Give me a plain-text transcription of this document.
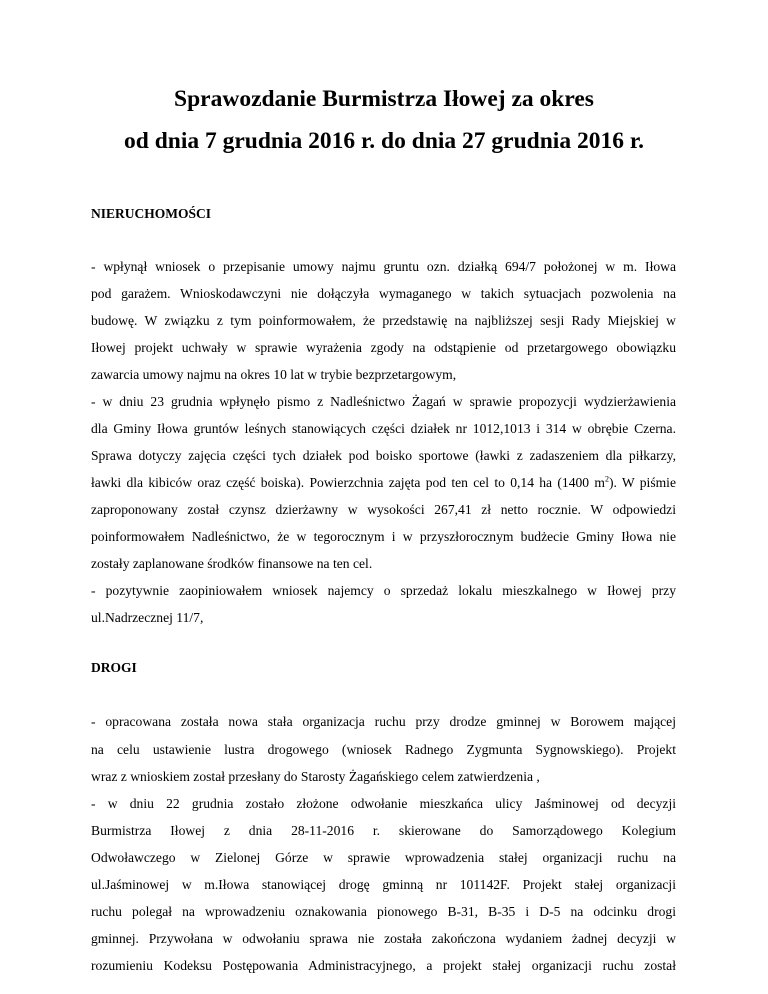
Sprawozdanie Burmistrza Iłowej za okres
od dnia 7 grudnia 2016 r. do dnia 27 grudnia 2016 r.
NIERUCHOMOŚCI
- wpłynął wniosek o przepisanie umowy najmu gruntu ozn. działką 694/7 położonej w m. Iłowa
pod garażem. Wnioskodawczyni nie dołączyła wymaganego w takich sytuacjach pozwolenia na
budowę. W związku z tym poinformowałem, że przedstawię na najbliższej sesji Rady Miejskiej w
Iłowej projekt uchwały w sprawie wyrażenia zgody na odstąpienie od przetargowego obowiązku
zawarcia umowy najmu na okres 10 lat w trybie bezprzetargowym,
- w dniu 23 grudnia wpłynęło pismo z Nadleśnictwo Żagań w sprawie propozycji wydzierżawienia
dla Gminy Iłowa gruntów leśnych stanowiących części działek nr 1012,1013 i 314 w obrębie Czerna.
Sprawa dotyczy zajęcia części tych działek pod boisko sportowe (ławki z zadaszeniem dla piłkarzy,
ławki dla kibiców oraz część boiska). Powierzchnia zajęta pod ten cel to 0,14 ha (1400 $m^2$). W piśmie
zaproponowany został czynsz dzierżawny w wysokości 267,41 zł netto rocznie. W odpowiedzi
poinformowałem Nadleśnictwo, że w tegorocznym i w przyszłorocznym budżecie Gminy Iłowa nie
zostały zaplanowane środków finansowe na ten cel.
- pozytywnie zaopiniowałem wniosek najemcy o sprzedaż lokalu mieszkalnego w Iłowej przy
ul.Nadrzecznej 11/7,
DROGI
- opracowana została nowa stała organizacja ruchu przy drodze gminnej w Borowem mającej
na celu ustawienie lustra drogowego (wniosek Radnego Zygmunta Sygnowskiego). Projekt
wraz z wnioskiem został przesłany do Starosty Żagańskiego celem zatwierdzenia ,
- w dniu 22 grudnia zostało złożone odwołanie mieszkańca ulicy Jaśminowej od decyzji
Burmistrza Iłowej z dnia 28-11-2016 r. skierowane do Samorządowego Kolegium
Odwoławczego w Zielonej Górze w sprawie wprowadzenia stałej organizacji ruchu na
ul.Jaśminowej w m.Iłowa stanowiącej drogę gminną nr 101142F. Projekt stałej organizacji
ruchu polegał na wprowadzeniu oznakowania pionowego B-31, B-35 i D-5 na odcinku drogi
gminnej. Przywołana w odwołaniu sprawa nie została zakończona wydaniem żadnej decyzji w
rozumieniu Kodeksu Postępowania Administracyjnego, a projekt stałej organizacji ruchu został
